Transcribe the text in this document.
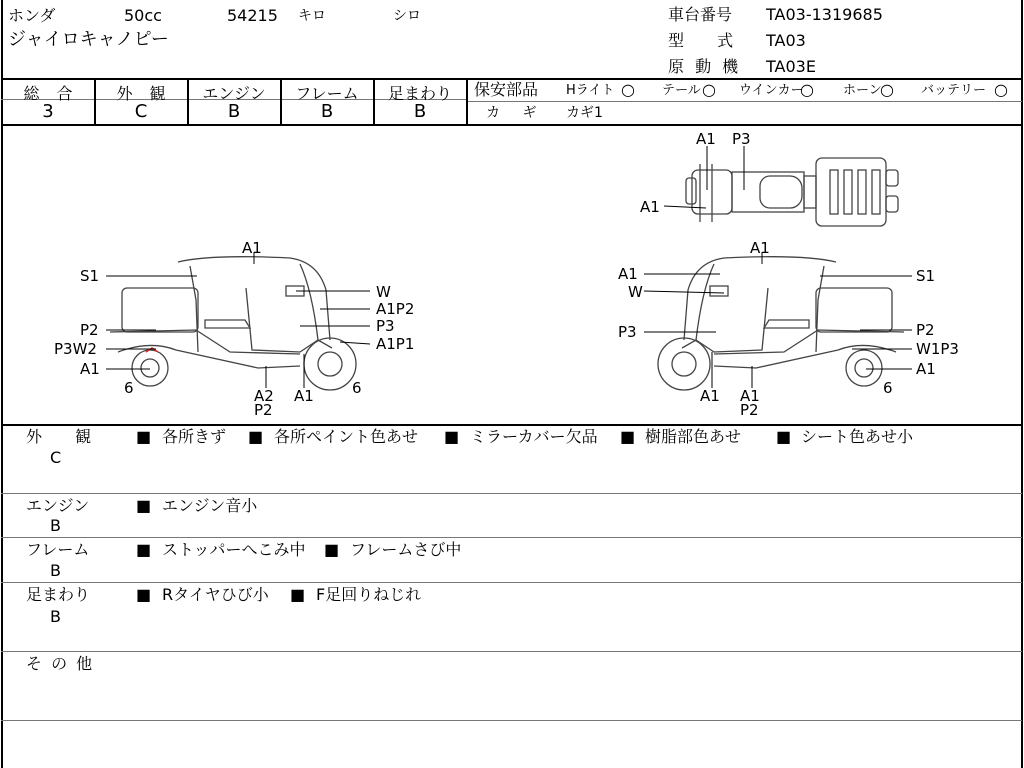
ホンダ	50cc	54215 キロ	シロ
ジャイロキャノピー
車台番号 TA03-1319685
型 式 TA03
原 動 機 TA03E
総 合
3
外 観
C
エンジン
B
フレーム
B
足まわり
B
保安部品 Hライト ○ テール ○ ウインカー
○ ホーン
○ バッテリー ○
カ ギ カギ1
A1 P3
A1
A1
S1
W
A1P2
P3
P2
P3W2	A1P1
A1
6	A2
P2
A1	6
A1
A1	S1
W
P3	P2
W1P3
A1
6
A1 A1
P2
外 観
C
■ 各所きず ■ 各所ペイント色あせ ■ ミラーカバー欠品 ■ 樹脂部色あせ ■ シート色あせ小
エンジン
B
■ エンジン音小
フレーム
B
■ ストッパーへこみ中 ■ フレームさび中
足まわり
B
■ Rタイヤひび小 ■ F足回りねじれ
そ の 他
